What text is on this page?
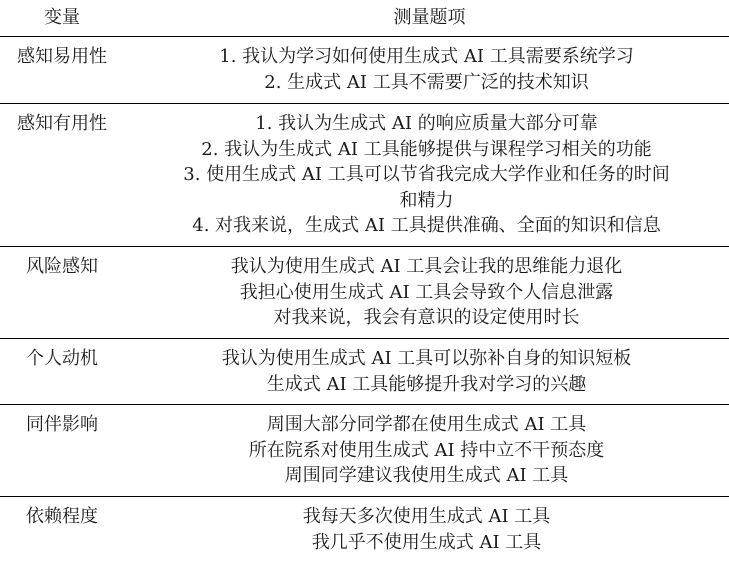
变量	测量题项
感知易用性	1. 我认为学习如何使用生成式 AI 工具需要系统学习
2. 生成式 AI 工具不需要广泛的技术知识

感知有用性	1. 我认为生成式 AI 的响应质量大部分可靠
2. 我认为生成式 AI 工具能够提供与课程学习相关的功能
3. 使用生成式 AI 工具可以节省我完成大学作业和任务的时间
和精力
4. 对我来说，生成式 AI 工具提供准确、全面的知识和信息

风险感知	我认为使用生成式 AI 工具会让我的思维能力退化
我担心使用生成式 AI 工具会导致个人信息泄露
对我来说，我会有意识的设定使用时长

个人动机	我认为使用生成式 AI 工具可以弥补自身的知识短板
生成式 AI 工具能够提升我对学习的兴趣

同伴影响	周围大部分同学都在使用生成式 AI 工具
所在院系对使用生成式 AI 持中立不干预态度
周围同学建议我使用生成式 AI 工具

依赖程度	我每天多次使用生成式 AI 工具
我几乎不使用生成式 AI 工具
